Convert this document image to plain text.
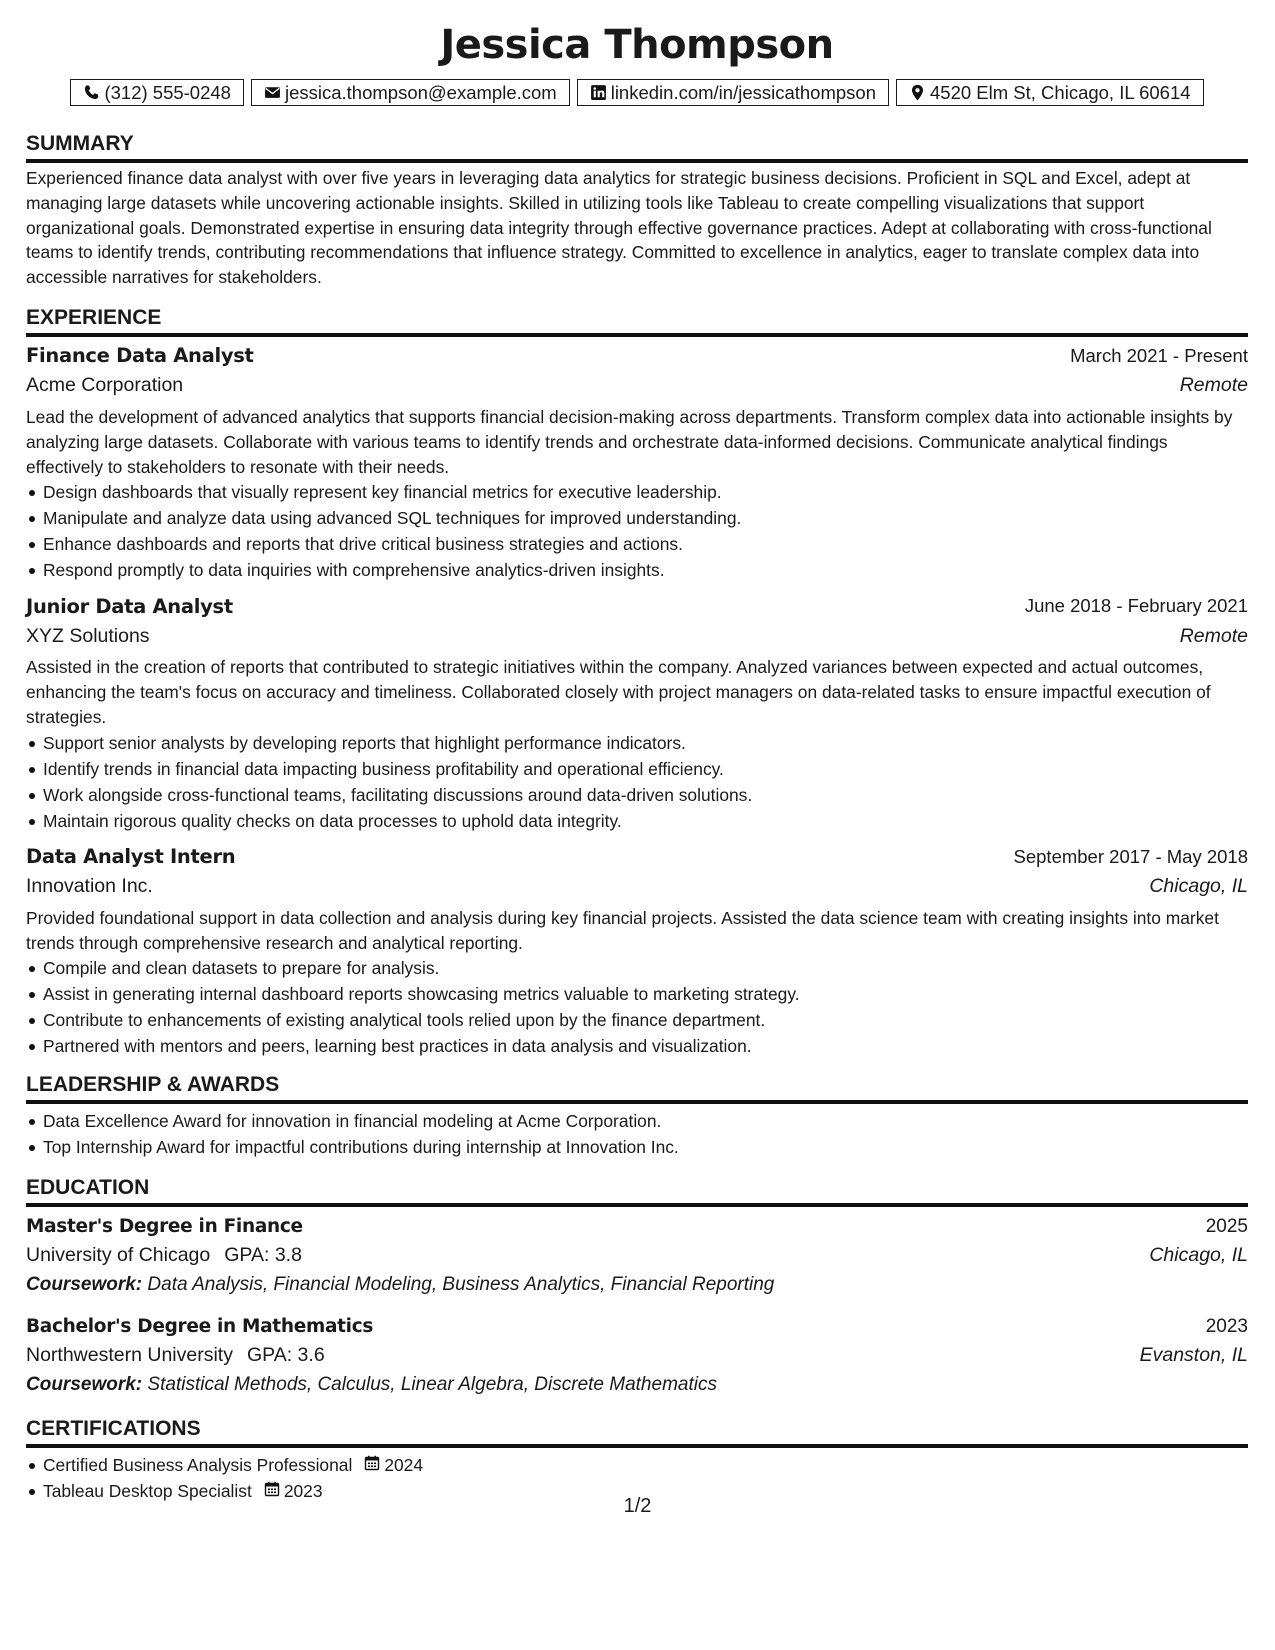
Jessica Thompson
(312) 555-0248	jessica.thompson@example.com	linkedin.com/in/jessicathompson	4520 Elm St, Chicago, IL 60614
SUMMARY

Experienced finance data analyst with over five years in leveraging data analytics for strategic business decisions. Proficient in SQL and Excel, adept at managing large datasets while uncovering actionable insights. Skilled in utilizing tools like Tableau to create compelling visualizations that support organizational goals. Demonstrated expertise in ensuring data integrity through effective governance practices. Adept at collaborating with cross-functional teams to identify trends, contributing recommendations that influence strategy. Committed to excellence in analytics, eager to translate complex data into accessible narratives for stakeholders.

EXPERIENCE
Finance Data Analyst	March 2021 - Present
Acme Corporation	Remote

Lead the development of advanced analytics that supports financial decision-making across departments. Transform complex data into actionable insights by analyzing large datasets. Collaborate with various teams to identify trends and orchestrate data-informed decisions. Communicate analytical findings effectively to stakeholders to resonate with their needs.

Design dashboards that visually represent key financial metrics for executive leadership.
Manipulate and analyze data using advanced SQL techniques for improved understanding.
Enhance dashboards and reports that drive critical business strategies and actions.
Respond promptly to data inquiries with comprehensive analytics-driven insights.
Junior Data Analyst	June 2018 - February 2021
XYZ Solutions	Remote

Assisted in the creation of reports that contributed to strategic initiatives within the company. Analyzed variances between expected and actual outcomes, enhancing the team's focus on accuracy and timeliness. Collaborated closely with project managers on data-related tasks to ensure impactful execution of strategies.

Support senior analysts by developing reports that highlight performance indicators.
Identify trends in financial data impacting business profitability and operational efficiency.
Work alongside cross-functional teams, facilitating discussions around data-driven solutions.
Maintain rigorous quality checks on data processes to uphold data integrity.
Data Analyst Intern	September 2017 - May 2018
Innovation Inc.	Chicago, IL

Provided foundational support in data collection and analysis during key financial projects. Assisted the data science team with creating insights into market trends through comprehensive research and analytical reporting.

Compile and clean datasets to prepare for analysis.
Assist in generating internal dashboard reports showcasing metrics valuable to marketing strategy.
Contribute to enhancements of existing analytical tools relied upon by the finance department.
Partnered with mentors and peers, learning best practices in data analysis and visualization.
LEADERSHIP & AWARDS
Data Excellence Award for innovation in financial modeling at Acme Corporation.
Top Internship Award for impactful contributions during internship at Innovation Inc.
EDUCATION
Master's Degree in Finance	2025
University of Chicago GPA: 3.8	Chicago, IL
Coursework: Data Analysis, Financial Modeling, Business Analytics, Financial Reporting
Bachelor's Degree in Mathematics	2023
Northwestern University GPA: 3.6	Evanston, IL
Coursework: Statistical Methods, Calculus, Linear Algebra, Discrete Mathematics
CERTIFICATIONS
Certified Business Analysis Professional 2024
Tableau Desktop Specialist 2023
1/2
